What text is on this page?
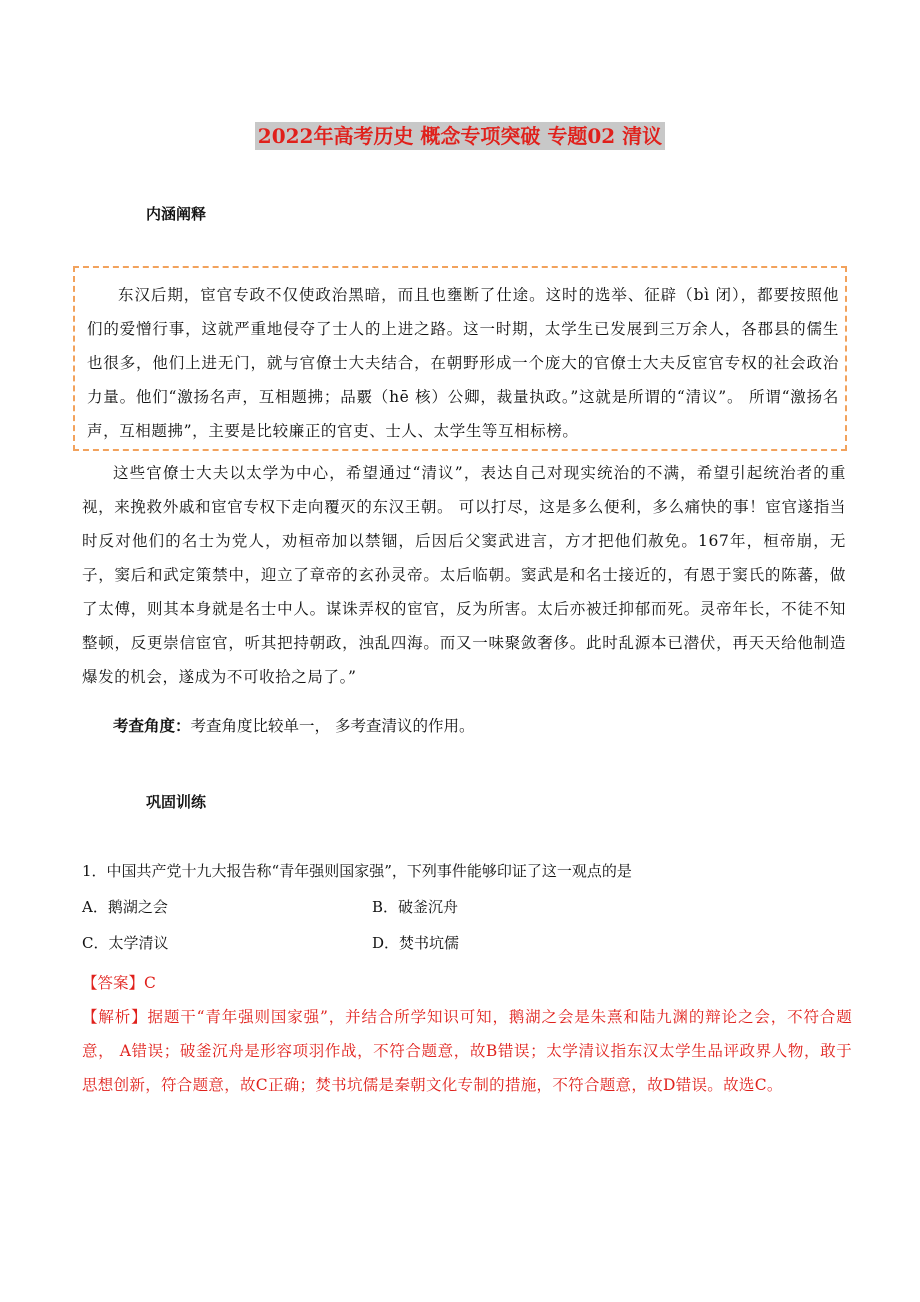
2022年高考历史 概念专项突破 专题02 清议
内涵阐释

东汉后期，宦官专政不仅使政治黑暗，而且也壅断了仕途。这时的选举、征辟（bì 闭），都要按照他们的爱憎行事，这就严重地侵夺了士人的上进之路。这一时期，太学生已发展到三万余人，各郡县的儒生也很多，他们上进无门，就与官僚士大夫结合，在朝野形成一个庞大的官僚士大夫反宦官专权的社会政治力量。他们“激扬名声，互相题拂；品覈（hē 核）公卿，裁量执政。”这就是所谓的“清议”。 所谓“激扬名声，互相题拂”，主要是比较廉正的官吏、士人、太学生等互相标榜。

这些官僚士大夫以太学为中心，希望通过“清议”，表达自己对现实统治的不满，希望引起统治者的重视，来挽救外戚和宦官专权下走向覆灭的东汉王朝。 可以打尽，这是多么便利，多么痛快的事！宦官遂指当时反对他们的名士为党人，劝桓帝加以禁锢，后因后父窦武进言，方才把他们赦免。167年，桓帝崩，无子，窦后和武定策禁中，迎立了章帝的玄孙灵帝。太后临朝。窦武是和名士接近的，有恩于窦氏的陈蕃，做了太傅，则其本身就是名士中人。谋诛弄权的宦官，反为所害。太后亦被迁抑郁而死。灵帝年长，不徒不知整顿，反更崇信宦官，听其把持朝政，浊乱四海。而又一味聚敛奢侈。此时乱源本已潜伏，再天天给他制造爆发的机会，遂成为不可收拾之局了。”

考查角度：考查角度比较单一， 多考查清议的作用。
巩固训练
1．中国共产党十九大报告称“青年强则国家强”，下列事件能够印证了这一观点的是
A．鹅湖之会	B．破釜沉舟
C．太学清议	D．焚书坑儒
【答案】C

【解析】据题干“青年强则国家强”，并结合所学知识可知，鹅湖之会是朱熹和陆九渊的辩论之会，不符合题意， A错误；破釜沉舟是形容项羽作战，不符合题意，故B错误；太学清议指东汉太学生品评政界人物，敢于思想创新，符合题意，故C正确；焚书坑儒是秦朝文化专制的措施，不符合题意，故D错误。故选C。
